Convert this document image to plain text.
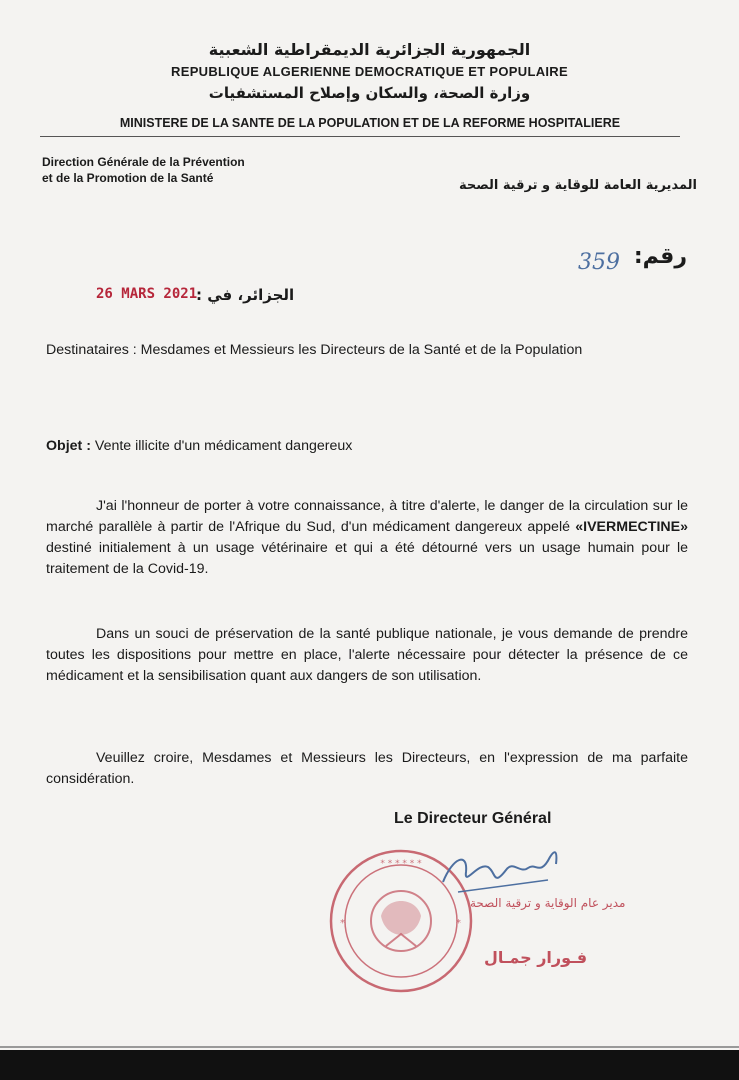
الجمهورية الجزائرية الديمقراطية الشعبية
REPUBLIQUE ALGERIENNE DEMOCRATIQUE ET POPULAIRE
وزارة الصحة، والسكان وإصلاح المستشفيات
MINISTERE DE LA SANTE DE LA POPULATION ET DE LA REFORME HOSPITALIERE
Direction Générale de la Prévention
et de la Promotion de la Santé	المديرية العامة للوقاية و ترقية الصحة
رقم:
359
26 MARS 2021
الجزائر، في :
Destinataires : Mesdames et Messieurs les Directeurs de la Santé et de la Population
Objet : Vente illicite d'un médicament dangereux
J'ai l'honneur de porter à votre connaissance, à titre d'alerte, le danger de la circulation sur le marché parallèle à partir de l'Afrique du Sud, d'un médicament dangereux appelé «IVERMECTINE» destiné initialement à un usage vétérinaire et qui a été détourné vers un usage humain pour le traitement de la Covid-19.
Dans un souci de préservation de la santé publique nationale, je vous demande de prendre toutes les dispositions pour mettre en place, l'alerte nécessaire pour détecter la présence de ce médicament et la sensibilisation quant aux dangers de son utilisation.
Veuillez croire, Mesdames et Messieurs les Directeurs, en l'expression de ma parfaite considération.
Le Directeur Général
* * * * * *
*	*
مدير عام الوقاية و ترقية الصحة
فـورار جمـال
